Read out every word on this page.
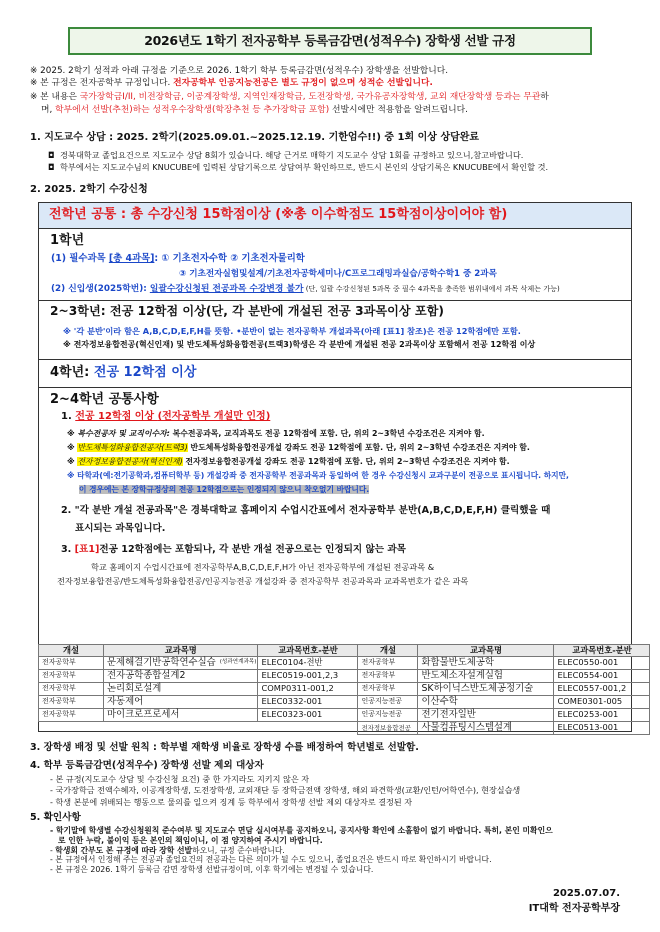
2026년도 1학기 전자공학부 등록금감면(성적우수) 장학생 선발 규정
※ 2025. 2학기 성적과 아래 규정을 기준으로 2026. 1학기 학부 등록금감면(성적우수) 장학생을 선발합니다.
※ 본 규정은 전자공학부 규정입니다. 전자공학부 인공지능전공은 별도 규정이 없으며 성적순 선발입니다.
※ 본 내용은 국가장학금I/II, 비전장학금, 이공계장학생, 지역인재장학금, 도전장학생, 국가유공자장학생, 교외 재단장학생 등과는 무관하
며, 학부에서 선발(추천)하는 성적우수장학생(학장추천 등 추가장학금 포함) 선발시에만 적용함을 알려드립니다.
1. 지도교수 상담 : 2025. 2학기(2025.09.01.~2025.12.19. 기한엄수!!) 중 1회 이상 상담완료
◘ 경북대학교 졸업요건으로 지도교수 상담 8회가 있습니다. 해당 근거로 매학기 지도교수 상담 1회를 규정하고 있으니,참고바랍니다.
◘ 학부에서는 지도교수님의 KNUCUBE에 입력된 상담기록으로 상담여부 확인하므로, 반드시 본인의 상담기록은 KNUCUBE에서 확인할 것.
2. 2025. 2학기 수강신청
전학년 공통 : 총 수강신청 15학점이상 (※총 이수학점도 15학점이상이어야 함)
1학년
(1) 필수과목 [총 4과목]: ① 기초전자수학 ② 기초전자물리학
③ 기초전자실험및설계/기초전자공학세미나/C프로그래밍과실습/공학수학1 중 2과목
(2) 신입생(2025학번): 일괄수강신청된 전공과목 수강변경 불가 (단, 일괄 수강신청된 5과목 중 필수 4과목을 충족한 범위내에서 과목 삭제는 가능)
2~3학년: 전공 12학점 이상(단, 각 분반에 개설된 전공 3과목이상 포함)
※ '각 분반'이라 함은 A,B,C,D,E,F,H를 뜻함. •분반이 없는 전자공학부 개설과목(아래 [표1] 참조)은 전공 12학점에만 포함.
※ 전자정보융합전공(혁신인재) 및 반도체특성화융합전공(트랙3)학생은 각 분반에 개설된 전공 2과목이상 포함해서 전공 12학점 이상
4학년: 전공 12학점 이상
2~4학년 공통사항
1. 전공 12학점 이상 (전자공학부 개설만 인정)
※ 복수전공자 및 교직이수자: 복수전공과목, 교직과목도 전공 12학점에 포함. 단, 위의 2~3학년 수강조건은 지켜야 함.
※ 반도체특성화융합전공자(트랙3) 반도체특성화융합전공개설 강좌도 전공 12학점에 포함. 단, 위의 2~3학년 수강조건은 지켜야 함.
※ 전자정보융합전공자(혁신인재) 전자정보융합전공개설 강좌도 전공 12학점에 포함. 단, 위의 2~3학년 수강조건은 지켜야 함.
※ 타학과(예:전기공학과,컴퓨터학부 등) 개설강좌 중 전자공학부 전공과목과 동일하여 한 경우 수강신청시 교과구분이 전공으로 표시됩니다. 하지만,
이 경우에는 본 장학규정상의 전공 12학점으로는 인정되지 않으니 착오없기 바랍니다.
2. "각 분반 개설 전공과목"은 경북대학교 홈페이지 수업시간표에서 전자공학부 분반(A,B,C,D,E,F,H) 클릭했을 때
표시되는 과목입니다.
3. [표1]전공 12학점에는 포함되나, 각 분반 개설 전공으로는 인정되지 않는 과목
학교 홈페이지 수업시간표에 전자공학부A,B,C,D,E,F,H가 아닌 전자공학부에 개설된 전공과목 &
전자정보융합전공/반도체특성화융합전공/인공지능전공 개설강좌 중 전자공학부 전공과목과 교과목번호가 같은 과목
개설	교과목명		교과목번호-분반	개설	교과목명	교과목번호-분반
전자공학부	문제해결기반공학연수실습	(성과연계과목)	ELEC0104-전반	전자공학부	화합물반도체공학	ELEC0550-001
전자공학부	전자공학종합설계2		ELEC0519-001,2,3	전자공학부	반도체소자설계실험	ELEC0554-001
전자공학부	논리회로설계		COMP0311-001,2	전자공학부	SK하이닉스반도체공정기술	ELEC0557-001,2
전자공학부	자동제어		ELEC0332-001	인공지능전공	이산수학	COME0301-005
전자공학부	마이크로프로세서		ELEC0323-001	인공지능전공	전기전자일반	ELEC0253-001
				전자정보융합전공	사물컴퓨팅시스템설계	ELEC0513-001
3. 장학생 배정 및 선발 원칙 : 학부별 재학생 비율로 장학생 수를 배정하여 학년별로 선발함.
4. 학부 등록금감면(성적우수) 장학생 선발 제외 대상자
- 본 규정(지도교수 상담 및 수강신청 요건) 중 한 가지라도 지키지 않은 자
- 국가장학금 전액수혜자, 이공계장학생, 도전장학생, 교외재단 등 장학금전액 장학생, 해외 파견학생(교환/인턴/어학연수), 현장실습생
- 학생 본분에 위배되는 행동으로 물의를 일으켜 징계 등 학부에서 장학생 선발 제외 대상자로 결정된 자
5. 확인사항
- 학기말에 학생별 수강신청원칙 준수여부 및 지도교수 면담 실시여부를 공지하오니, 공지사항 확인에 소홀함이 없기 바랍니다. 특히, 본인 미확인으
2025.07.07.
로 인한 누락, 불이익 등은 본인의 책임이니, 이 점 양지하여 주시기 바랍니다.
- 학생회 간부도 본 규정에 따라 장학 선발하오니, 규정 준수바랍니다.
- 본 규정에서 인정해 주는 전공과 졸업요건의 전공과는 다른 의미가 될 수도 있으니, 졸업요건은 반드시 따로 확인하시기 바랍니다.
- 본 규정은 2026. 1학기 등록금 감면 장학생 선발규정이며, 이후 학기에는 변경될 수 있습니다.
IT대학 전자공학부장
